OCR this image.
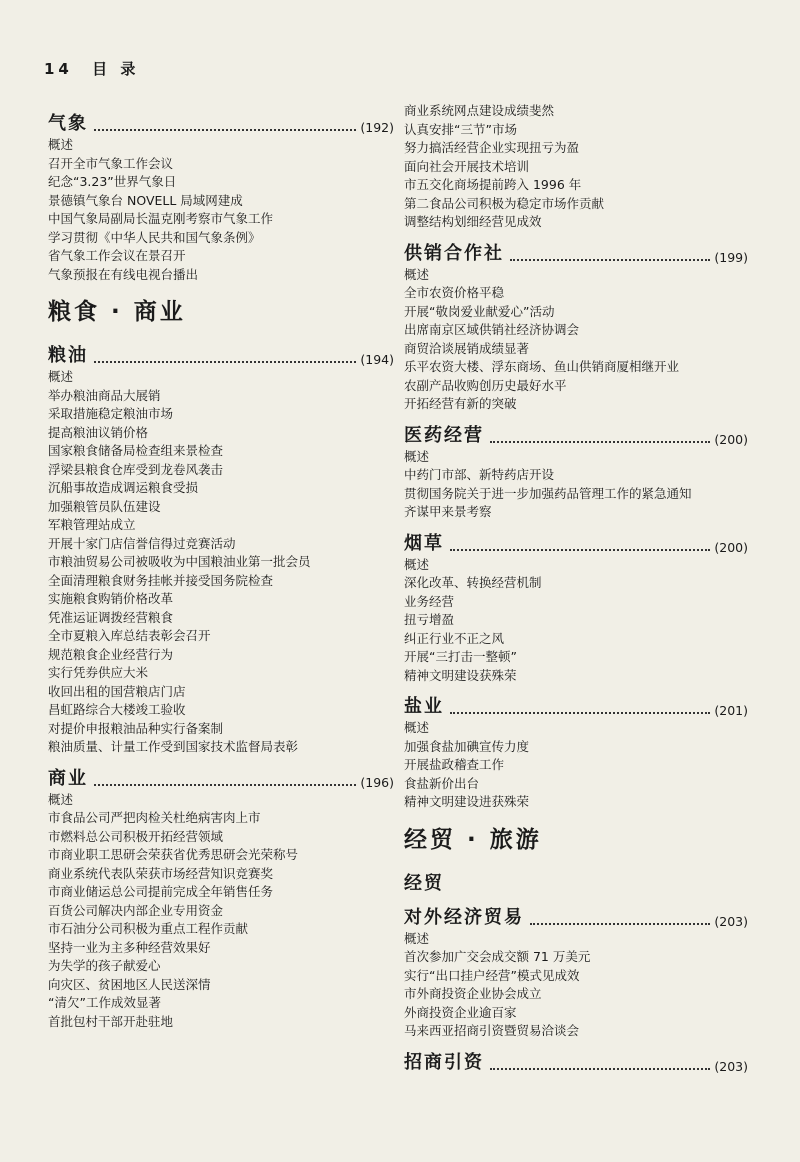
14 目 录
气象	(192)
概述
召开全市气象工作会议
纪念“3.23”世界气象日
景德镇气象台 NOVELL 局域网建成
中国气象局副局长温克刚考察市气象工作
学习贯彻《中华人民共和国气象条例》
省气象工作会议在景召开
气象预报在有线电视台播出
粮食 · 商业
粮油	(194)
概述
举办粮油商品大展销
采取措施稳定粮油市场
提高粮油议销价格
国家粮食储备局检查组来景检查
浮梁县粮食仓库受到龙卷风袭击
沉船事故造成调运粮食受损
加强粮管员队伍建设
军粮管理站成立
开展十家门店信誉信得过竞赛活动
市粮油贸易公司被吸收为中国粮油业第一批会员
全面清理粮食财务挂帐并接受国务院检查
实施粮食购销价格改革
凭准运证调拨经营粮食
全市夏粮入库总结表彰会召开
规范粮食企业经营行为
实行凭券供应大米
收回出租的国营粮店门店
昌虹路综合大楼竣工验收
对提价申报粮油品种实行备案制
粮油质量、计量工作受到国家技术监督局表彰
商业	(196)
概述
市食品公司严把肉检关杜绝病害肉上市
市燃料总公司积极开拓经营领域
市商业职工思研会荣获省优秀思研会光荣称号
商业系统代表队荣获市场经营知识竞赛奖
市商业储运总公司提前完成全年销售任务
百货公司解决内部企业专用资金
市石油分公司积极为重点工程作贡献
坚持一业为主多种经营效果好
为失学的孩子献爱心
向灾区、贫困地区人民送深情
“清欠”工作成效显著
首批包村干部开赴驻地
商业系统网点建设成绩斐然
认真安排“三节”市场
努力搞活经营企业实现扭亏为盈
面向社会开展技术培训
市五交化商场提前跨入 1996 年
第二食品公司积极为稳定市场作贡献
调整结构划细经营见成效
供销合作社	(199)
概述
全市农资价格平稳
开展“敬岗爱业献爱心”活动
出席南京区域供销社经济协调会
商贸洽谈展销成绩显著
乐平农资大楼、浮东商场、鱼山供销商厦相继开业
农副产品收购创历史最好水平
开拓经营有新的突破
医药经营	(200)
概述
中药门市部、新特药店开设
贯彻国务院关于进一步加强药品管理工作的紧急通知
齐谋甲来景考察
烟草	(200)
概述
深化改革、转换经营机制
业务经营
扭亏增盈
纠正行业不正之风
开展“三打击一整顿”
精神文明建设获殊荣
盐业	(201)
概述
加强食盐加碘宣传力度
开展盐政稽查工作
食盐新价出台
精神文明建设进获殊荣
经贸 · 旅游
经贸
对外经济贸易	(203)
概述
首次参加广交会成交额 71 万美元
实行“出口挂户经营”模式见成效
市外商投资企业协会成立
外商投资企业逾百家
马来西亚招商引资暨贸易洽谈会
招商引资	(203)
